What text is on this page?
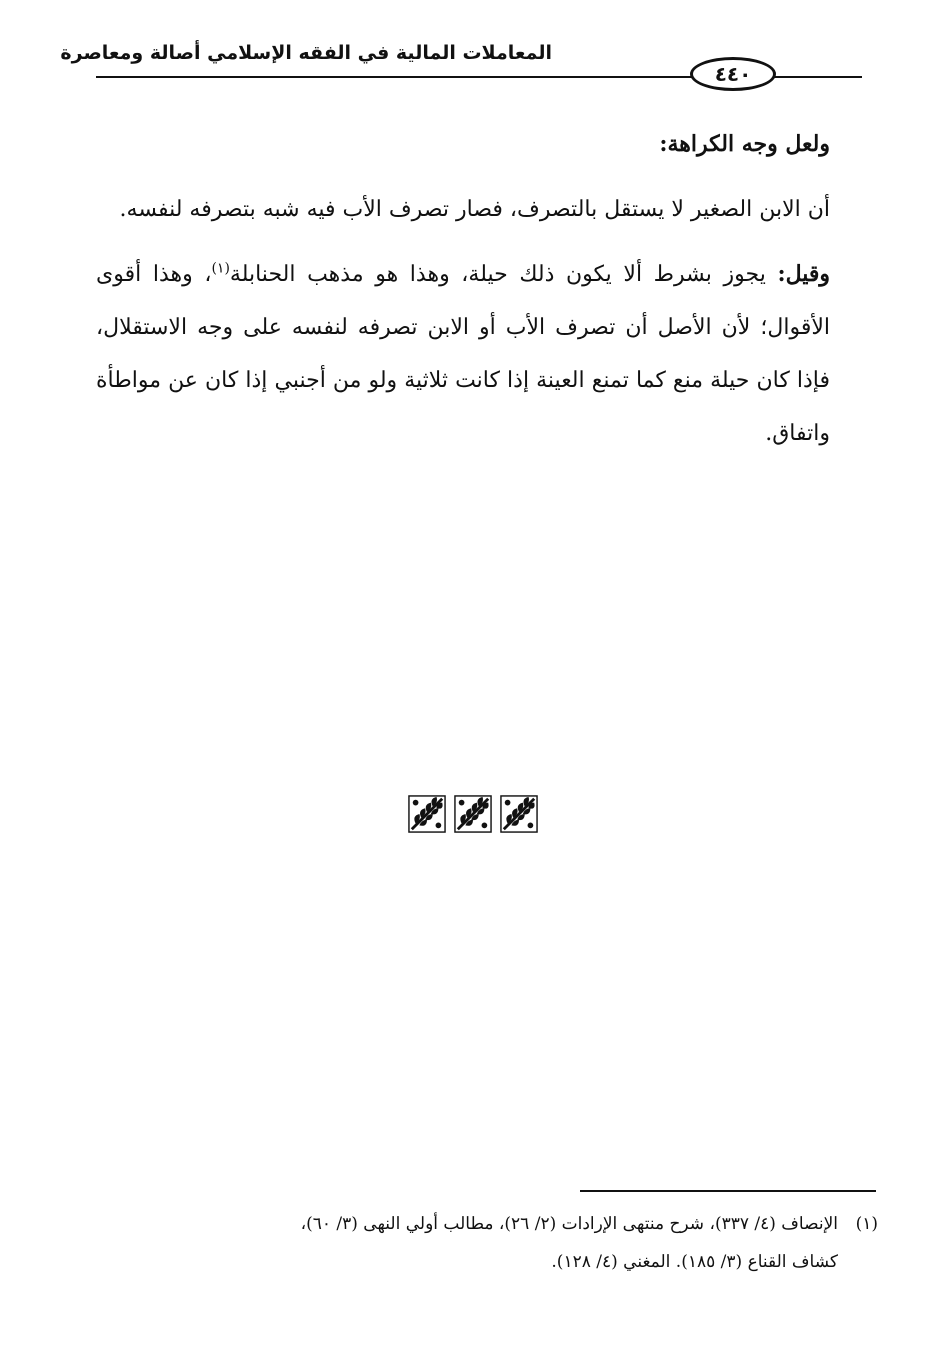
المعاملات المالية في الفقه الإسلامي أصالة ومعاصرة
٤٤٠

ولعل وجه الكراهة:

أن الابن الصغير لا يستقل بالتصرف، فصار تصرف الأب فيه شبه بتصرفه لنفسه.

وقيل: يجوز بشرط ألا يكون ذلك حيلة، وهذا هو مذهب الحنابلة$^{(١)}$، وهذا أقوى الأقوال؛ لأن الأصل أن تصرف الأب أو الابن تصرفه لنفسه على وجه الاستقلال، فإذا كان حيلة منع كما تمنع العينة إذا كانت ثلاثية ولو من أجنبي إذا كان عن مواطأة واتفاق.

(١)الإنصاف (٤/ ٣٣٧)، شرح منتهى الإرادات (٢/ ٢٦)، مطالب أولي النهى (٣/ ٦٠)،

كشاف القناع (٣/ ١٨٥). المغني (٤/ ١٢٨).
